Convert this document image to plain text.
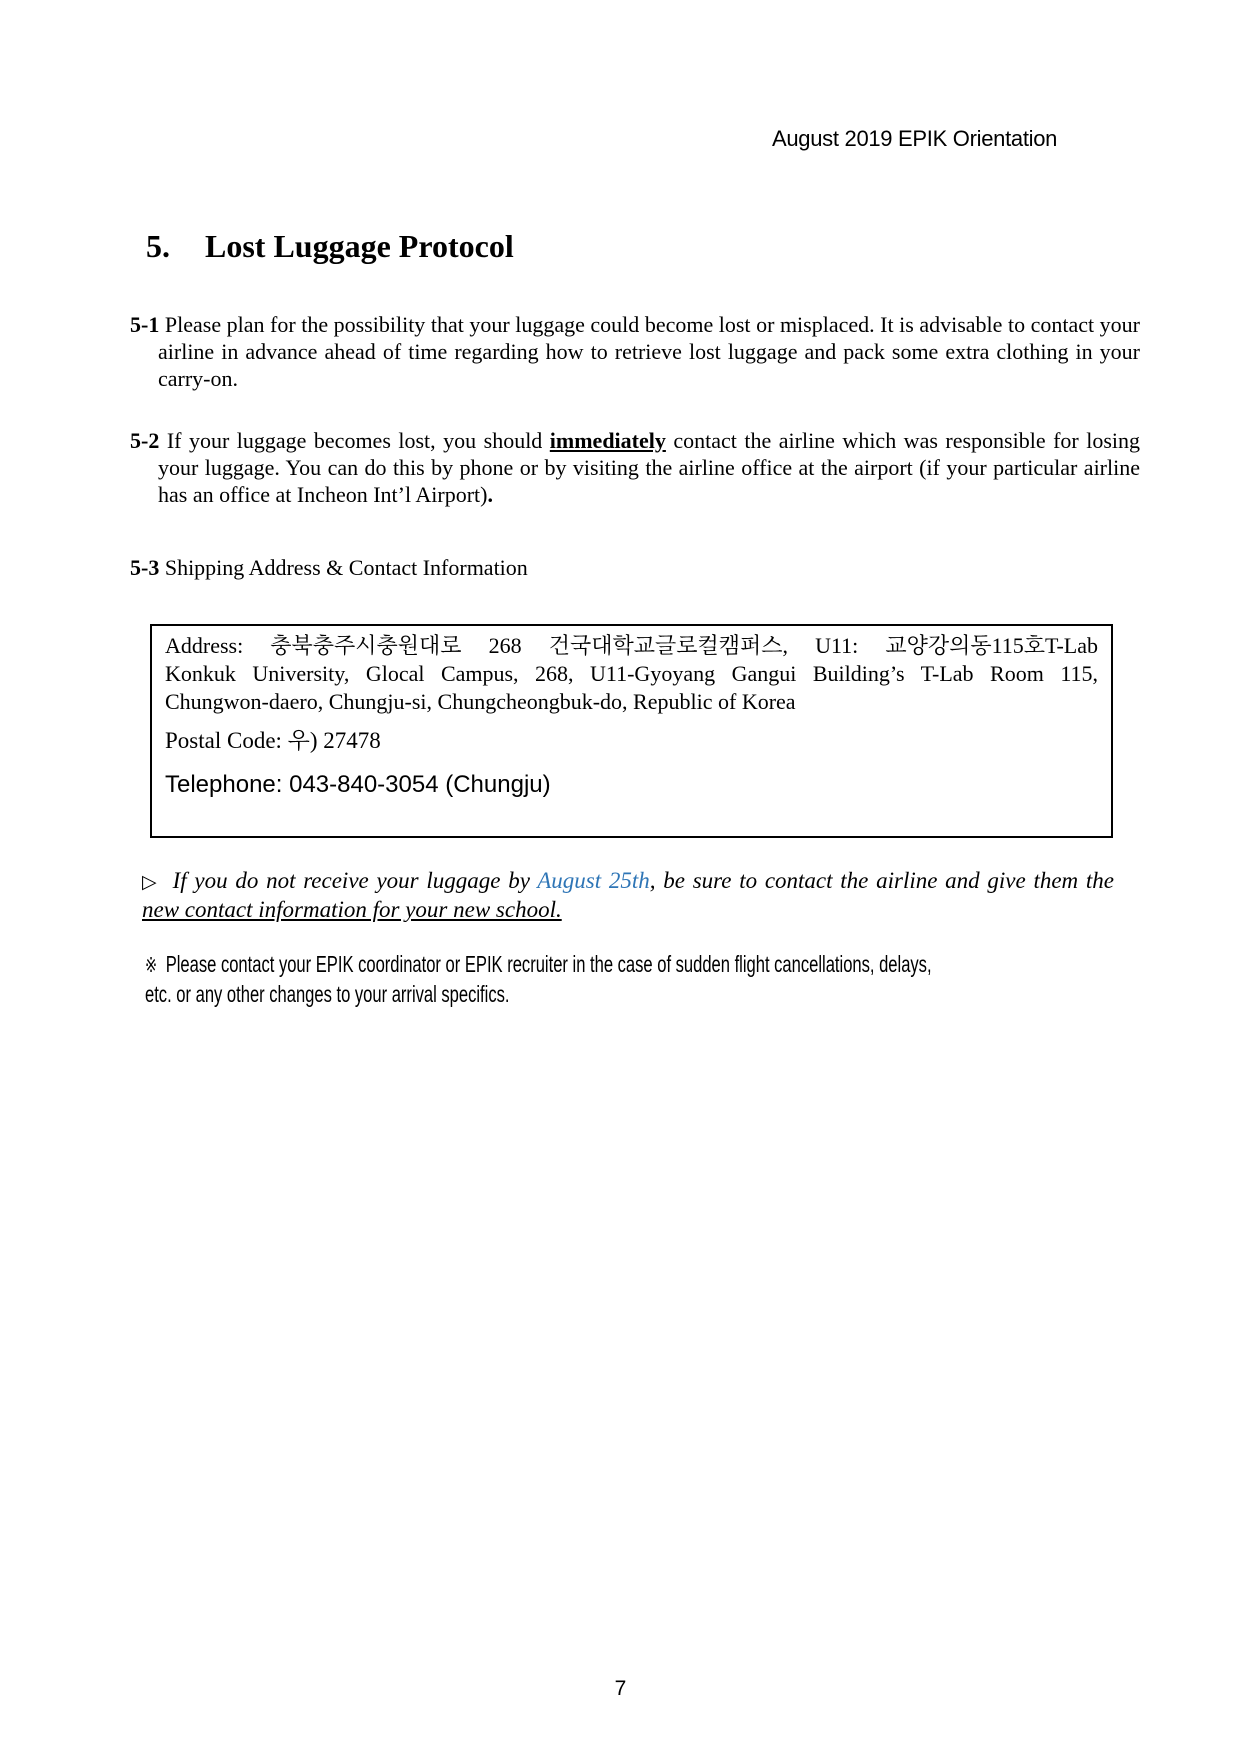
August 2019 EPIK Orientation
5. Lost Luggage Protocol
5-1 Please plan for the possibility that your luggage could become lost or misplaced. It is advisable to contact your airline in advance ahead of time regarding how to retrieve lost luggage and pack some extra clothing in your carry-on.
5-2 If your luggage becomes lost, you should immediately contact the airline which was responsible for losing your luggage. You can do this by phone or by visiting the airline office at the airport (if your particular airline has an office at Incheon Int’l Airport).
5-3 Shipping Address & Contact Information
Address: 충북충주시충원대로 268 건국대학교글로컬캠퍼스, U11: 교양강의동115호T-Lab
Konkuk University, Glocal Campus, 268, U11-Gyoyang Gangui Building’s T-Lab Room 115,
Chungwon-daero, Chungju-si, Chungcheongbuk-do, Republic of Korea
Postal Code: 우) 27478
Telephone: 043-840-3054 (Chungju)
▷ If you do not receive your luggage by August 25th, be sure to contact the airline and give them the new contact information for your new school.
※ Please contact your EPIK coordinator or EPIK recruiter in the case of sudden flight cancellations, delays,
etc. or any other changes to your arrival specifics.
7
